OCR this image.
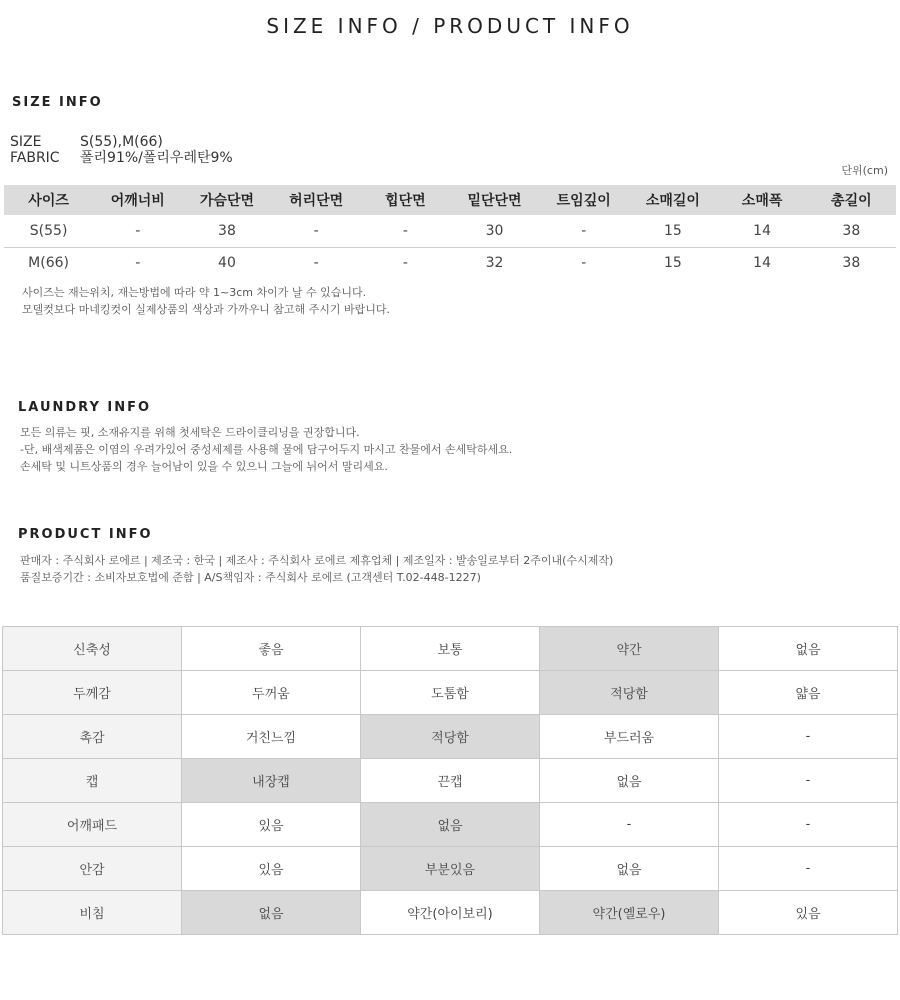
SIZE INFO / PRODUCT INFO
SIZE INFO
SIZE	S(55),M(66)
FABRIC 폴리91%/폴리우레탄9%
단위(cm)
사이즈	어깨너비	가슴단면	허리단면	힙단면	밑단단면	트임깊이	소매길이	소매폭	총길이
S(55)	-	38	-	-	30	-	15	14	38
M(66)	-	40	-	-	32	-	15	14	38
사이즈는 재는위치, 재는방법에 따라 약 1~3cm 차이가 날 수 있습니다.
모델컷보다 마네킹컷이 실제상품의 색상과 가까우니 참고해 주시기 바랍니다.
LAUNDRY INFO
모든 의류는 핏, 소재유지를 위해 첫세탁은 드라이클리닝을 권장합니다.
-단, 배색제품은 이염의 우려가있어 중성세제를 사용해 물에 담구어두지 마시고 찬물에서 손세탁하세요.
손세탁 및 니트상품의 경우 늘어남이 있을 수 있으니 그늘에 뉘어서 말리세요.
PRODUCT INFO
판매자 : 주식회사 로에르 | 제조국 : 한국 | 제조사 : 주식회사 로에르 제휴업체 | 제조일자 : 발송일로부터 2주이내(수시제작)
품질보증기간 : 소비자보호법에 준함 | A/S책임자 : 주식회사 로에르 (고객센터 T.02-448-1227)
신축성	좋음	보통	약간	없음
두께감	두꺼움	도톰함	적당함	얇음
촉감	거친느낌	적당함	부드러움	-
캡	내장캡	끈캡	없음	-
어깨패드	있음	없음	-	-
안감	있음	부분있음	없음	-
비침	없음	약간(아이보리)	약간(옐로우)	있음
